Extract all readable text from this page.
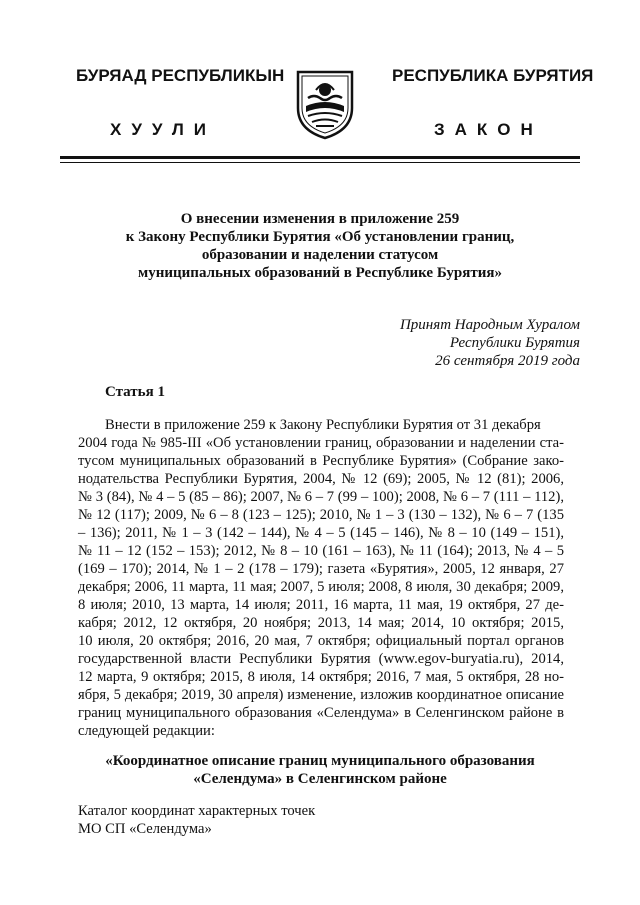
БУРЯАД РЕСПУБЛИКЫН	РЕСПУБЛИКА БУРЯТИЯ
ХУУЛИ	ЗАКОН
О внесении изменения в приложение 259
к Закону Республики Бурятия «Об установлении границ,
образовании и наделении статусом
муниципальных образований в Республике Бурятия»
Принят Народным Хуралом
Республики Бурятия
26 сентября 2019 года
Статья 1
Внести в приложение 259 к Закону Республики Бурятия от 31 декабря
2004 года № 985-III «Об установлении границ, образовании и наделении ста-
тусом муниципальных образований в Республике Бурятия» (Собрание зако-
нодательства Республики Бурятия, 2004, № 12 (69); 2005, № 12 (81); 2006,
№ 3 (84), № 4 – 5 (85 – 86); 2007, № 6 – 7 (99 – 100); 2008, № 6 – 7 (111 – 112),
№ 12 (117); 2009, № 6 – 8 (123 – 125); 2010, № 1 – 3 (130 – 132), № 6 – 7 (135
– 136); 2011, № 1 – 3 (142 – 144), № 4 – 5 (145 – 146), № 8 – 10 (149 – 151),
№ 11 – 12 (152 – 153); 2012, № 8 – 10 (161 – 163), № 11 (164); 2013, № 4 – 5
(169 – 170); 2014, № 1 – 2 (178 – 179); газета «Бурятия», 2005, 12 января, 27
декабря; 2006, 11 марта, 11 мая; 2007, 5 июля; 2008, 8 июля, 30 декабря; 2009,
8 июля; 2010, 13 марта, 14 июля; 2011, 16 марта, 11 мая, 19 октября, 27 де-
кабря; 2012, 12 октября, 20 ноября; 2013, 14 мая; 2014, 10 октября; 2015,
10 июля, 20 октября; 2016, 20 мая, 7 октября; официальный портал органов
государственной власти Республики Бурятия (www.egov-buryatia.ru), 2014,
12 марта, 9 октября; 2015, 8 июля, 14 октября; 2016, 7 мая, 5 октября, 28 но-
ября, 5 декабря; 2019, 30 апреля) изменение, изложив координатное описание
границ муниципального образования «Селендума» в Селенгинском районе в
следующей редакции:
«Координатное описание границ муниципального образования
«Селендума» в Селенгинском районе
Каталог координат характерных точек
МО СП «Селендума»
